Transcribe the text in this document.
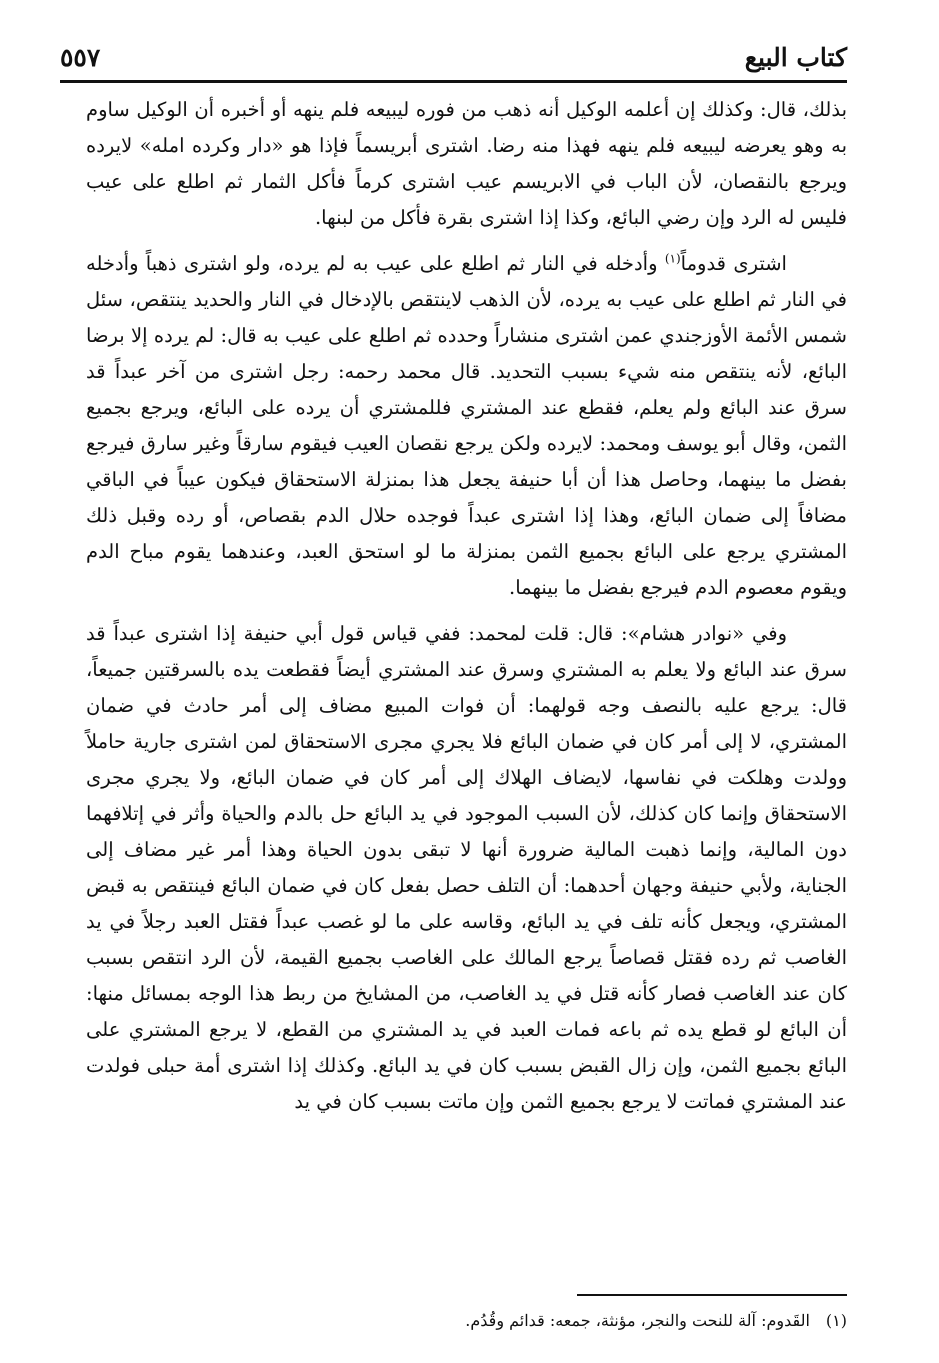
كتاب البيع
٥٥٧

بذلك، قال: وكذلك إن أعلمه الوكيل أنه ذهب من فوره ليبيعه فلم ينهه أو أخبره أن الوكيل ساوم به وهو يعرضه ليبيعه فلم ينهه فهذا منه رضا. اشترى أبريسماً فإذا هو «دار وكرده امله» لايرده ويرجع بالنقصان، لأن الباب في الابريسم عيب اشترى كرماً فأكل الثمار ثم اطلع على عيب فليس له الرد وإن رضي البائع، وكذا إذا اشترى بقرة فأكل من لبنها.

اشترى قدوماً$^{(١)}$ وأدخله في النار ثم اطلع على عيب به لم يرده، ولو اشترى ذهباً وأدخله في النار ثم اطلع على عيب به يرده، لأن الذهب لاينتقص بالإدخال في النار والحديد ينتقص، سئل شمس الأئمة الأوزجندي عمن اشترى منشاراً وحدده ثم اطلع على عيب به قال: لم يرده إلا برضا البائع، لأنه ينتقص منه شيء بسبب التحديد. قال محمد رحمه: رجل اشترى من آخر عبداً قد سرق عند البائع ولم يعلم، فقطع عند المشتري فللمشتري أن يرده على البائع، ويرجع بجميع الثمن، وقال أبو يوسف ومحمد: لايرده ولكن يرجع نقصان العيب فيقوم سارقاً وغير سارق فيرجع بفضل ما بينهما، وحاصل هذا أن أبا حنيفة يجعل هذا بمنزلة الاستحقاق فيكون عيباً في الباقي مضافاً إلى ضمان البائع، وهذا إذا اشترى عبداً فوجده حلال الدم بقصاص، أو رده وقبل ذلك المشتري يرجع على البائع بجميع الثمن بمنزلة ما لو استحق العبد، وعندهما يقوم مباح الدم ويقوم معصوم الدم فيرجع بفضل ما بينهما.

وفي «نوادر هشام»: قال: قلت لمحمد: ففي قياس قول أبي حنيفة إذا اشترى عبداً قد سرق عند البائع ولا يعلم به المشتري وسرق عند المشتري أيضاً فقطعت يده بالسرقتين جميعاً، قال: يرجع عليه بالنصف وجه قولهما: أن فوات المبيع مضاف إلى أمر حادث في ضمان المشتري، لا إلى أمر كان في ضمان البائع فلا يجري مجرى الاستحقاق لمن اشترى جارية حاملاً وولدت وهلكت في نفاسها، لايضاف الهلاك إلى أمر كان في ضمان البائع، ولا يجري مجرى الاستحقاق وإنما كان كذلك، لأن السبب الموجود في يد البائع حل بالدم والحياة وأثر في إتلافهما دون المالية، وإنما ذهبت المالية ضرورة أنها لا تبقى بدون الحياة وهذا أمر غير مضاف إلى الجناية، ولأبي حنيفة وجهان أحدهما: أن التلف حصل بفعل كان في ضمان البائع فينتقص به قبض المشتري، ويجعل كأنه تلف في يد البائع، وقاسه على ما لو غصب عبداً فقتل العبد رجلاً في يد الغاصب ثم رده فقتل قصاصاً يرجع المالك على الغاصب بجميع القيمة، لأن الرد انتقص بسبب كان عند الغاصب فصار كأنه قتل في يد الغاصب، من المشايخ من ربط هذا الوجه بمسائل منها: أن البائع لو قطع يده ثم باعه فمات العبد في يد المشتري من القطع، لا يرجع المشتري على البائع بجميع الثمن، وإن زال القبض بسبب كان في يد البائع. وكذلك إذا اشترى أمة حبلى فولدت عند المشتري فماتت لا يرجع بجميع الثمن وإن ماتت بسبب كان في يد

(١)القَدوم: آلة للنحت والنجر، مؤنثة، جمعه: قدائم وقُدُم.
